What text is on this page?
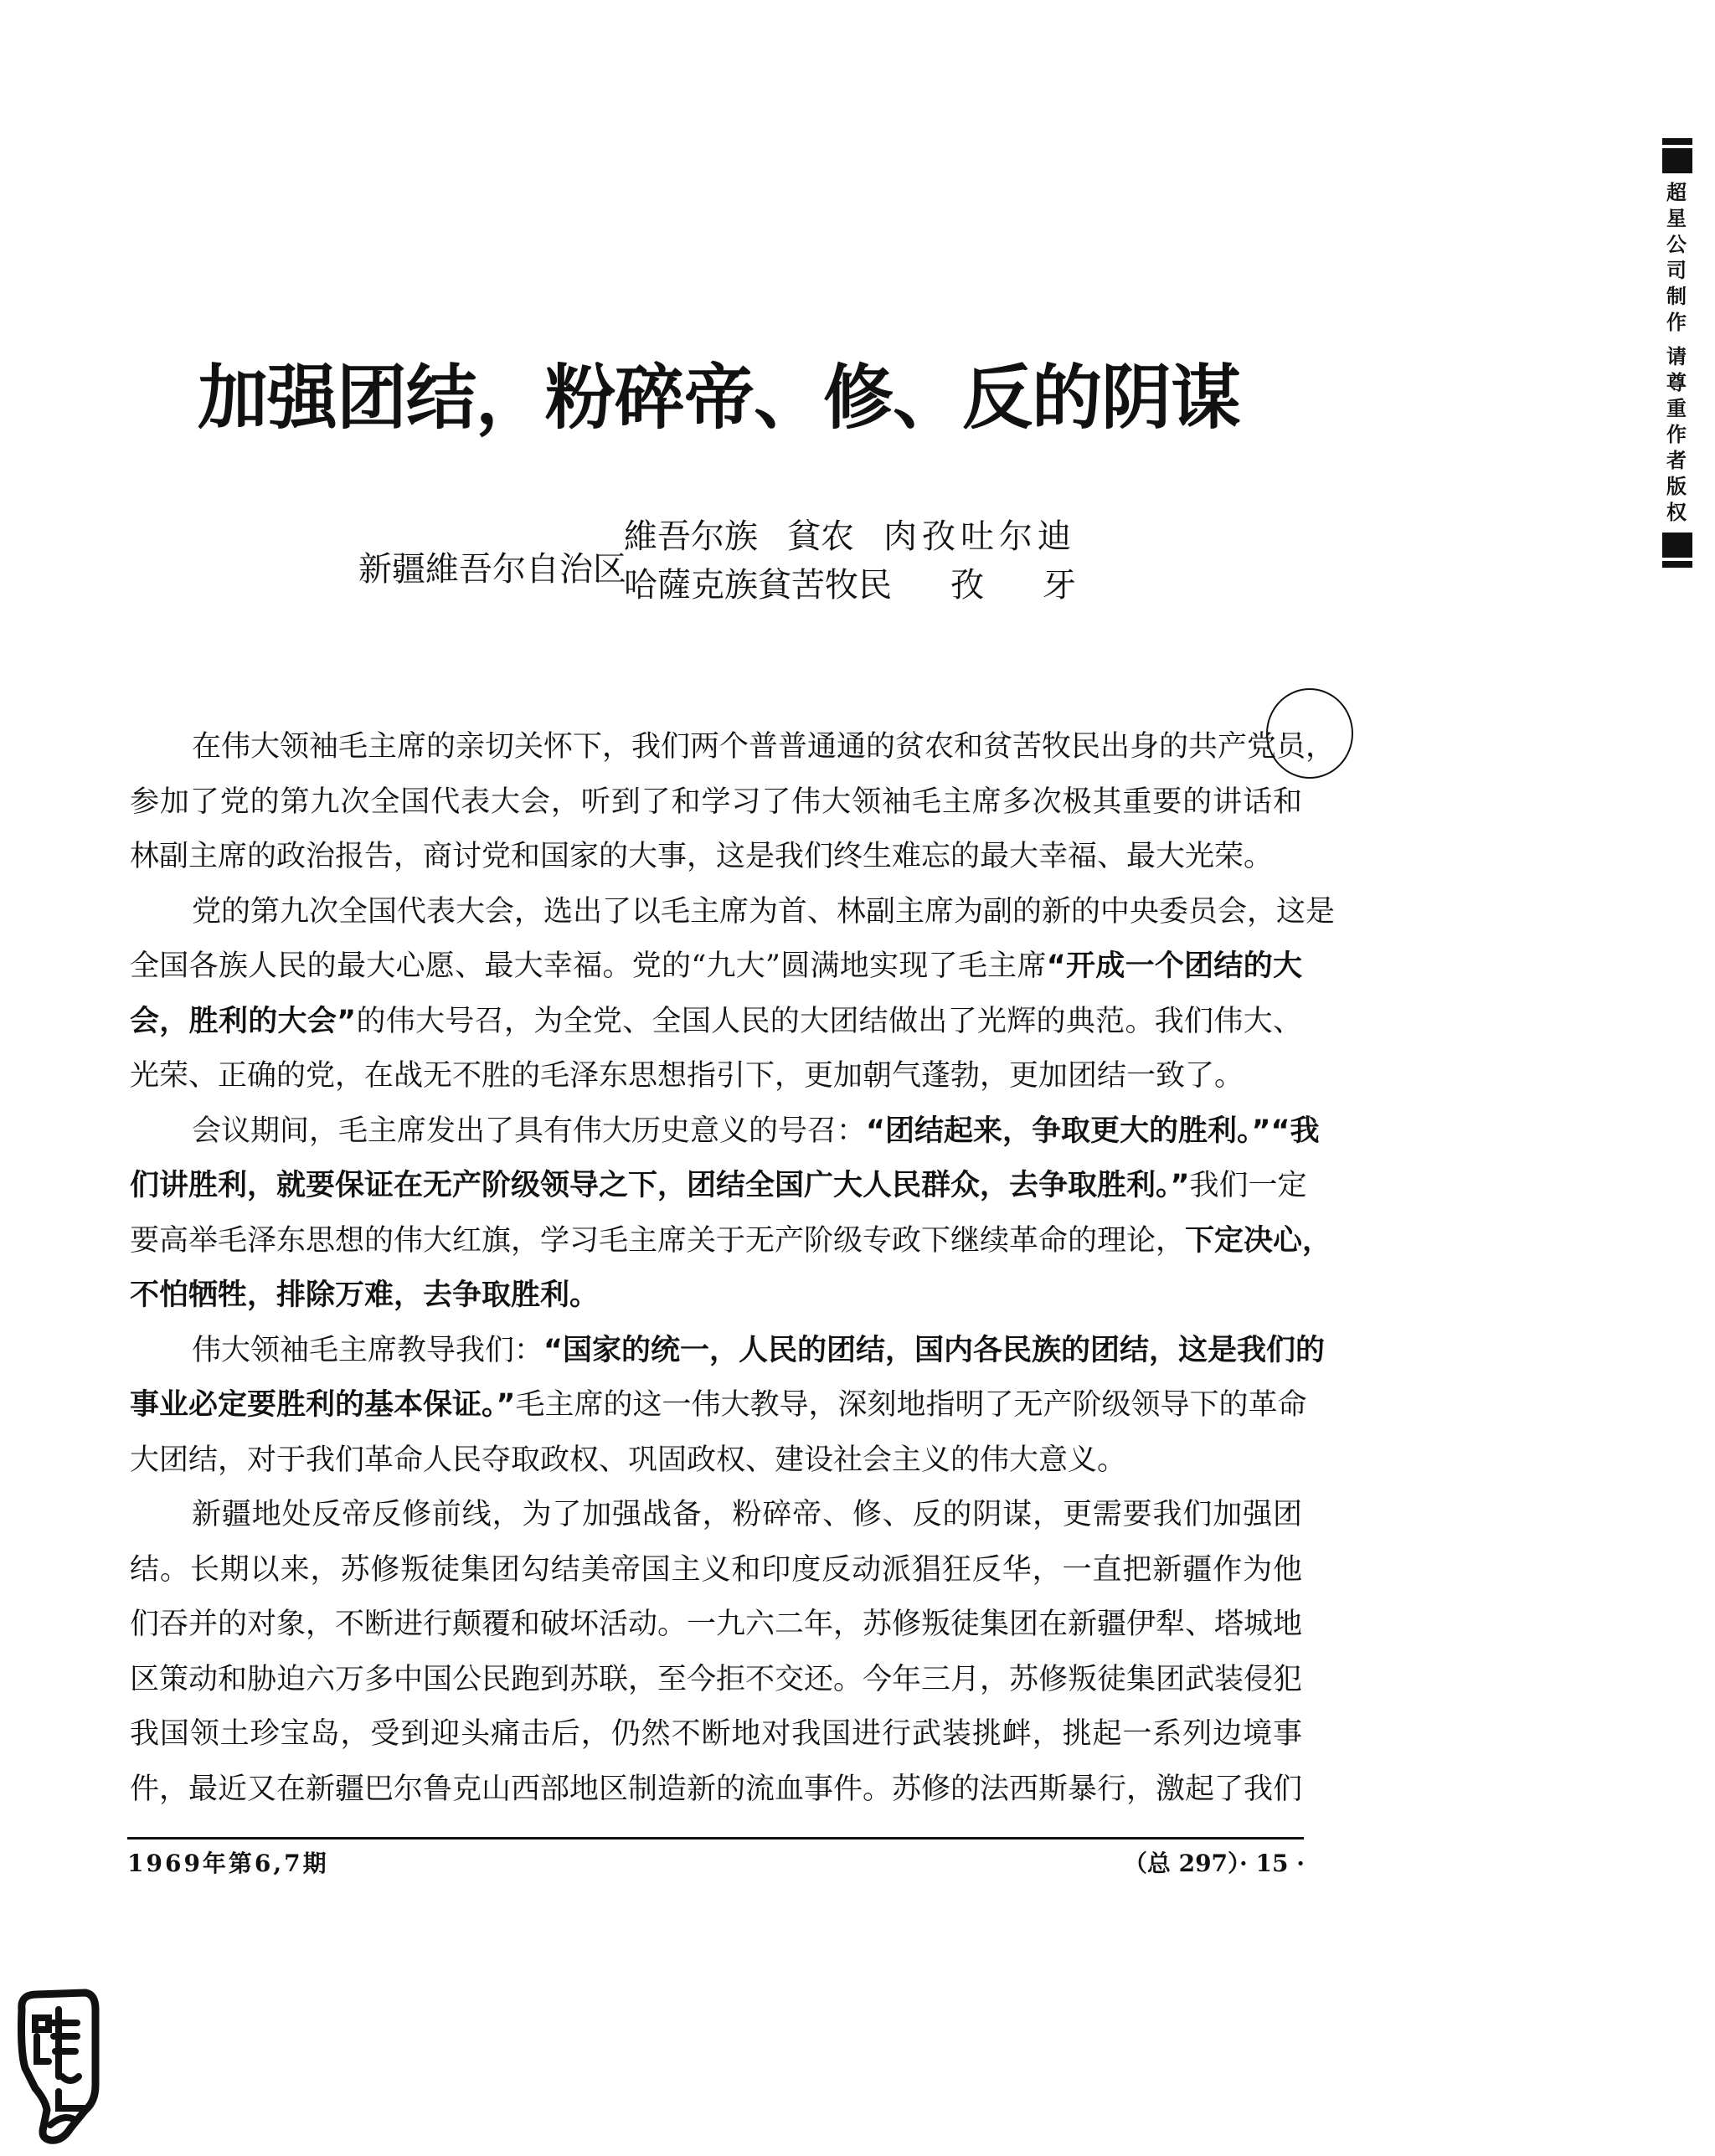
加强团结，粉碎帝、修、反的阴谋
新疆維吾尔自治区
維吾尔族 貧农 肉孜吐尔迪
哈薩克族貧苦牧民 孜 牙
在伟大领袖毛主席的亲切关怀下，我们两个普普通通的贫农和贫苦牧民出身的共产党员，
参加了党的第九次全国代表大会，听到了和学习了伟大领袖毛主席多次极其重要的讲话和
林副主席的政治报告，商讨党和国家的大事，这是我们终生难忘的最大幸福、最大光荣。
党的第九次全国代表大会，选出了以毛主席为首、林副主席为副的新的中央委员会，这是
全国各族人民的最大心愿、最大幸福。党的“九大”圆满地实现了毛主席“开成一个团结的大
会，胜利的大会”的伟大号召，为全党、全国人民的大团结做出了光辉的典范。我们伟大、
光荣、正确的党，在战无不胜的毛泽东思想指引下，更加朝气蓬勃，更加团结一致了。
会议期间，毛主席发出了具有伟大历史意义的号召：“团结起来，争取更大的胜利。”“我
们讲胜利，就要保证在无产阶级领导之下，团结全国广大人民群众，去争取胜利。”我们一定
要高举毛泽东思想的伟大红旗，学习毛主席关于无产阶级专政下继续革命的理论，下定决心，
不怕牺牲，排除万难，去争取胜利。
伟大领袖毛主席教导我们：“国家的统一，人民的团结，国内各民族的团结，这是我们的
事业必定要胜利的基本保证。”毛主席的这一伟大教导，深刻地指明了无产阶级领导下的革命
大团结，对于我们革命人民夺取政权、巩固政权、建设社会主义的伟大意义。
新疆地处反帝反修前线，为了加强战备，粉碎帝、修、反的阴谋，更需要我们加强团
结。长期以来，苏修叛徒集团勾结美帝国主义和印度反动派猖狂反华，一直把新疆作为他
们吞并的对象，不断进行颠覆和破坏活动。一九六二年，苏修叛徒集团在新疆伊犁、塔城地
区策动和胁迫六万多中国公民跑到苏联，至今拒不交还。今年三月，苏修叛徒集团武装侵犯
我国领土珍宝岛，受到迎头痛击后，仍然不断地对我国进行武装挑衅，挑起一系列边境事
件，最近又在新疆巴尔鲁克山西部地区制造新的流血事件。苏修的法西斯暴行，激起了我们
1969年第6,7期	（总 297）· 15 ·
超
星
公
司
制
作
请
尊
重
作
者
版
权
